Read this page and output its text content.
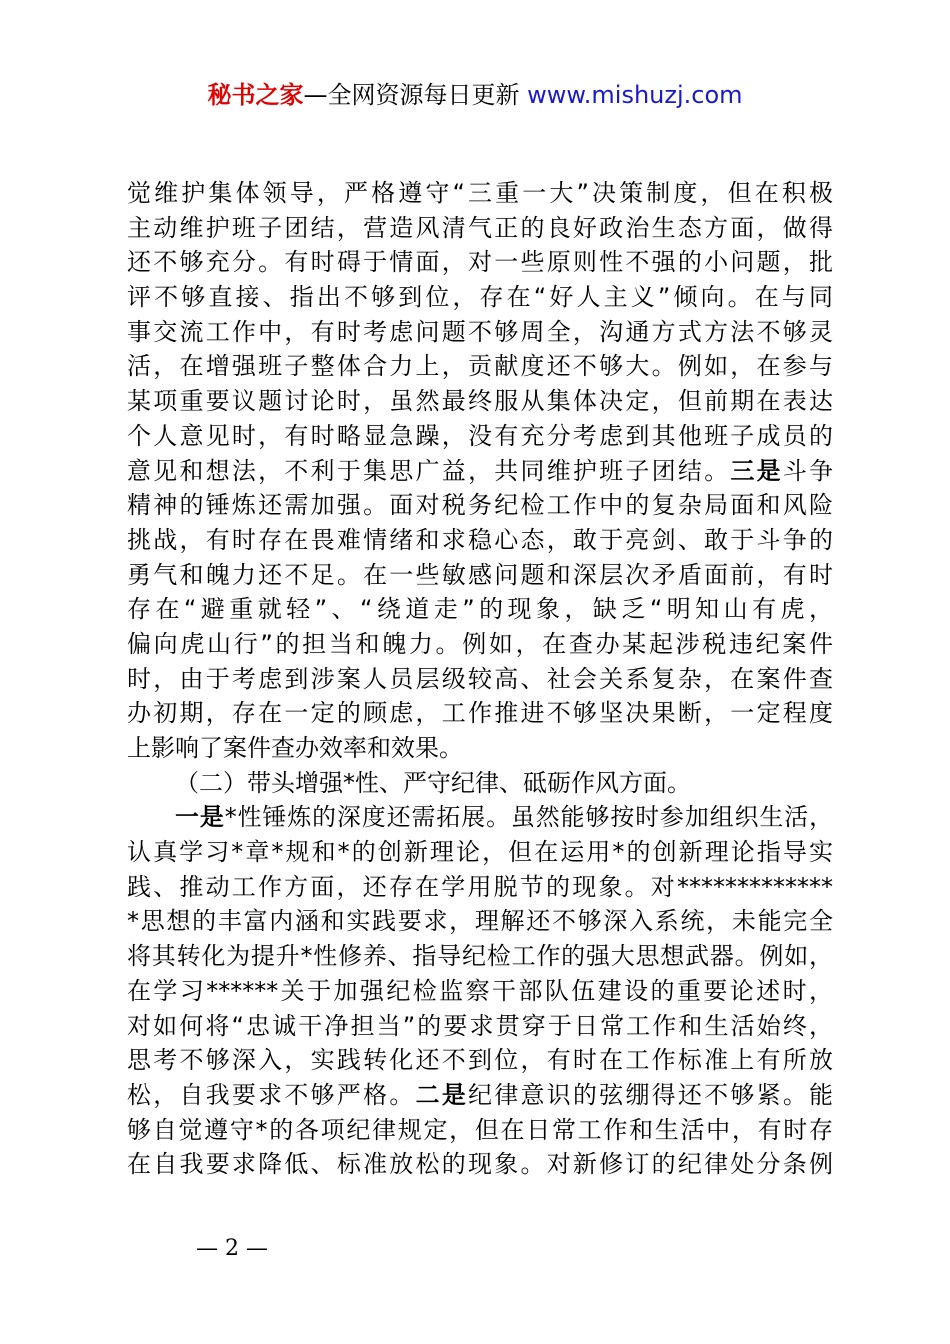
秘书之家—全网资源每日更新 www.mishuzj.com
觉维护集体领导，严格遵守“三重一大”决策制度，但在积极
主动维护班子团结，营造风清气正的良好政治生态方面，做得
还不够充分。有时碍于情面，对一些原则性不强的小问题，批
评不够直接、指出不够到位，存在“好人主义”倾向。在与同
事交流工作中，有时考虑问题不够周全，沟通方式方法不够灵
活，在增强班子整体合力上，贡献度还不够大。例如，在参与
某项重要议题讨论时，虽然最终服从集体决定，但前期在表达
个人意见时，有时略显急躁，没有充分考虑到其他班子成员的
意见和想法，不利于集思广益，共同维护班子团结。三是斗争
精神的锤炼还需加强。面对税务纪检工作中的复杂局面和风险
挑战，有时存在畏难情绪和求稳心态，敢于亮剑、敢于斗争的
勇气和魄力还不足。在一些敏感问题和深层次矛盾面前，有时
存在“避重就轻”、“绕道走”的现象，缺乏“明知山有虎，
偏向虎山行”的担当和魄力。例如，在查办某起涉税违纪案件
时，由于考虑到涉案人员层级较高、社会关系复杂，在案件查
办初期，存在一定的顾虑，工作推进不够坚决果断，一定程度
上影响了案件查办效率和效果。
（二）带头增强*性、严守纪律、砥砺作风方面。
一是*性锤炼的深度还需拓展。虽然能够按时参加组织生活，
认真学习*章*规和*的创新理论，但在运用*的创新理论指导实
践、推动工作方面，还存在学用脱节的现象。对*************
*思想的丰富内涵和实践要求，理解还不够深入系统，未能完全
将其转化为提升*性修养、指导纪检工作的强大思想武器。例如，
在学习******关于加强纪检监察干部队伍建设的重要论述时，
对如何将“忠诚干净担当”的要求贯穿于日常工作和生活始终，
思考不够深入，实践转化还不到位，有时在工作标准上有所放
松，自我要求不够严格。二是纪律意识的弦绷得还不够紧。能
够自觉遵守*的各项纪律规定，但在日常工作和生活中，有时存
在自我要求降低、标准放松的现象。对新修订的纪律处分条例
— 2 —
